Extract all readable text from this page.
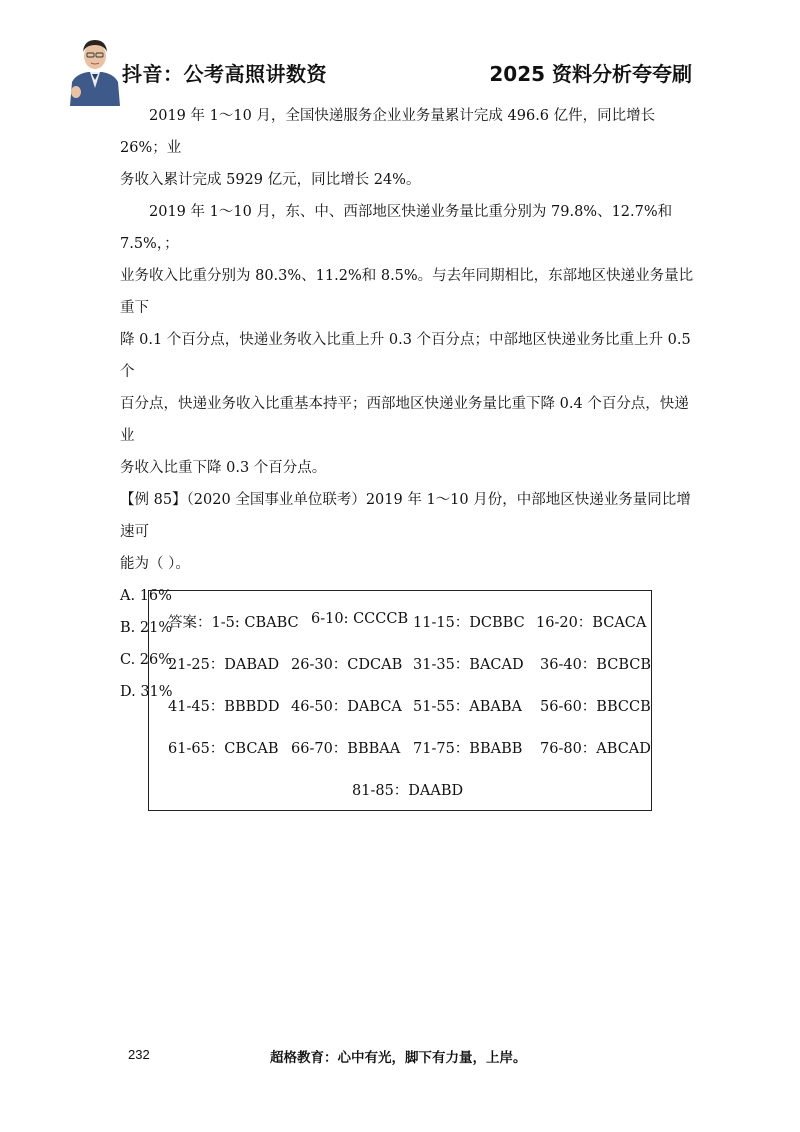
抖音：公考高照讲数资	2025 资料分析夸夸刷

2019 年 1～10 月，全国快递服务企业业务量累计完成 496.6 亿件，同比增长 26%；业

务收入累计完成 5929 亿元，同比增长 24%。

2019 年 1～10 月，东、中、西部地区快递业务量比重分别为 79.8%、12.7%和 7.5%，；

业务收入比重分别为 80.3%、11.2%和 8.5%。与去年同期相比，东部地区快递业务量比重下

降 0.1 个百分点，快递业务收入比重上升 0.3 个百分点；中部地区快递业务比重上升 0.5 个

百分点，快递业务收入比重基本持平；西部地区快递业务量比重下降 0.4 个百分点，快递业

务收入比重下降 0.3 个百分点。

【例 85】（2020 全国事业单位联考）2019 年 1～10 月份，中部地区快递业务量同比增速可

能为（ ）。

A. 16%

B. 21%

C. 26%

D. 31%

答案：1-5: CBABC 6-10: CCCCB 11-15：DCBBC 16-20：BCACA
21-25：DABAD 26-30：CDCAB 31-35：BACAD 36-40：BCBCB
41-45：BBBDD 46-50：DABCA 51-55：ABABA 56-60：BBCCB
61-65：CBCAB 66-70：BBBAA 71-75：BBABB 76-80：ABCAD
81-85：DAABD
232	超格教育：心中有光，脚下有力量，上岸。
